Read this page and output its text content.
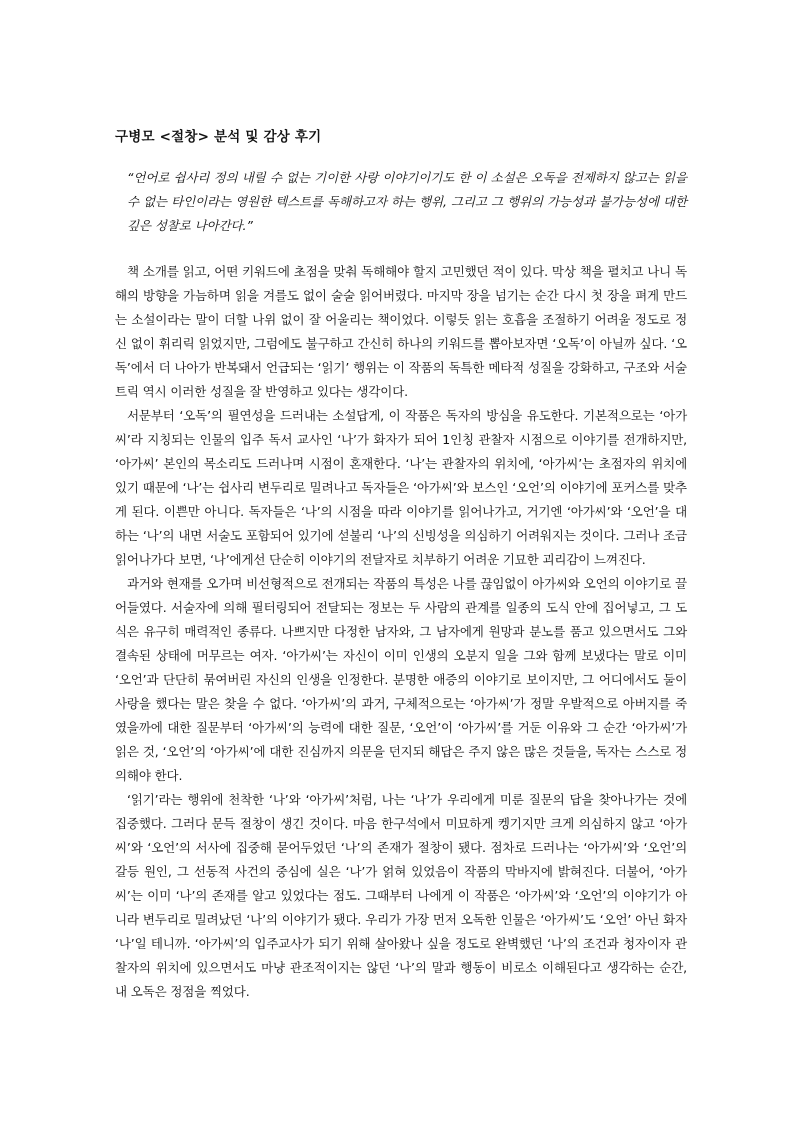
구병모 <절창> 분석 및 감상 후기

“언어로 쉽사리 정의 내릴 수 없는 기이한 사랑 이야기이기도 한 이 소설은 오독을 전제하지 않고는 읽을 수 없는 타인이라는 영원한 텍스트를 독해하고자 하는 행위, 그리고 그 행위의 가능성과 불가능성에 대한 깊은 성찰로 나아간다.”

책 소개를 읽고, 어떤 키워드에 초점을 맞춰 독해해야 할지 고민했던 적이 있다. 막상 책을 펼치고 나니 독해의 방향을 가늠하며 읽을 겨를도 없이 술술 읽어버렸다. 마지막 장을 넘기는 순간 다시 첫 장을 펴게 만드는 소설이라는 말이 더할 나위 없이 잘 어울리는 책이었다. 이렇듯 읽는 호흡을 조절하기 어려울 정도로 정신 없이 휘리릭 읽었지만, 그럼에도 불구하고 간신히 하나의 키워드를 뽑아보자면 ‘오독’이 아닐까 싶다. ‘오독’에서 더 나아가 반복돼서 언급되는 ‘읽기’ 행위는 이 작품의 독특한 메타적 성질을 강화하고, 구조와 서술 트릭 역시 이러한 성질을 잘 반영하고 있다는 생각이다.

서문부터 ‘오독’의 필연성을 드러내는 소설답게, 이 작품은 독자의 방심을 유도한다. 기본적으로는 ‘아가씨’라 지칭되는 인물의 입주 독서 교사인 ‘나’가 화자가 되어 1인칭 관찰자 시점으로 이야기를 전개하지만, ‘아가씨’ 본인의 목소리도 드러나며 시점이 혼재한다. ‘나’는 관찰자의 위치에, ‘아가씨’는 초점자의 위치에 있기 때문에 ‘나’는 쉽사리 변두리로 밀려나고 독자들은 ‘아가씨’와 보스인 ‘오언’의 이야기에 포커스를 맞추게 된다. 이쁜만 아니다. 독자들은 ‘나’의 시점을 따라 이야기를 읽어나가고, 거기엔 ‘아가씨’와 ‘오언’을 대하는 ‘나’의 내면 서술도 포함되어 있기에 섣불리 ‘나’의 신빙성을 의심하기 어려워지는 것이다. 그러나 조금 읽어나가다 보면, ‘나’에게선 단순히 이야기의 전달자로 치부하기 어려운 기묘한 괴리감이 느껴진다.

과거와 현재를 오가며 비선형적으로 전개되는 작품의 특성은 나를 끊임없이 아가씨와 오언의 이야기로 끌어들였다. 서술자에 의해 필터링되어 전달되는 정보는 두 사람의 관계를 일종의 도식 안에 집어넣고, 그 도식은 유구히 매력적인 종류다. 나쁘지만 다정한 남자와, 그 남자에게 원망과 분노를 품고 있으면서도 그와 결속된 상태에 머무르는 여자. ‘아가씨’는 자신이 이미 인생의 오분지 일을 그와 함께 보냈다는 말로 이미 ‘오언’과 단단히 묶여버린 자신의 인생을 인정한다. 분명한 애증의 이야기로 보이지만, 그 어디에서도 둘이 사랑을 했다는 말은 찾을 수 없다. ‘아가씨’의 과거, 구체적으로는 ‘아가씨’가 정말 우발적으로 아버지를 죽였을까에 대한 질문부터 ‘아가씨’의 능력에 대한 질문, ‘오언’이 ‘아가씨’를 거둔 이유와 그 순간 ‘아가씨’가 읽은 것, ‘오언’의 ‘아가씨’에 대한 진심까지 의문을 던지되 해답은 주지 않은 많은 것들을, 독자는 스스로 정의해야 한다.

‘읽기’라는 행위에 천착한 ‘나’와 ‘아가씨’처럼, 나는 ‘나’가 우리에게 미룬 질문의 답을 찾아나가는 것에 집중했다. 그러다 문득 절창이 생긴 것이다. 마음 한구석에서 미묘하게 켕기지만 크게 의심하지 않고 ‘아가씨’와 ‘오언’의 서사에 집중해 묻어두었던 ‘나’의 존재가 절창이 됐다. 점차로 드러나는 ‘아가씨’와 ‘오언’의 갈등 원인, 그 선동적 사건의 중심에 실은 ‘나’가 얽혀 있었음이 작품의 막바지에 밝혀진다. 더불어, ‘아가씨’는 이미 ‘나’의 존재를 알고 있었다는 점도. 그때부터 나에게 이 작품은 ‘아가씨’와 ‘오언’의 이야기가 아니라 변두리로 밀려났던 ‘나’의 이야기가 됐다. 우리가 가장 먼저 오독한 인물은 ‘아가씨’도 ‘오언’ 아닌 화자 ‘나’일 테니까. ‘아가씨’의 입주교사가 되기 위해 살아왔나 싶을 정도로 완벽했던 ‘나’의 조건과 청자이자 관찰자의 위치에 있으면서도 마냥 관조적이지는 않던 ‘나’의 말과 행동이 비로소 이해된다고 생각하는 순간, 내 오독은 정점을 찍었다.
